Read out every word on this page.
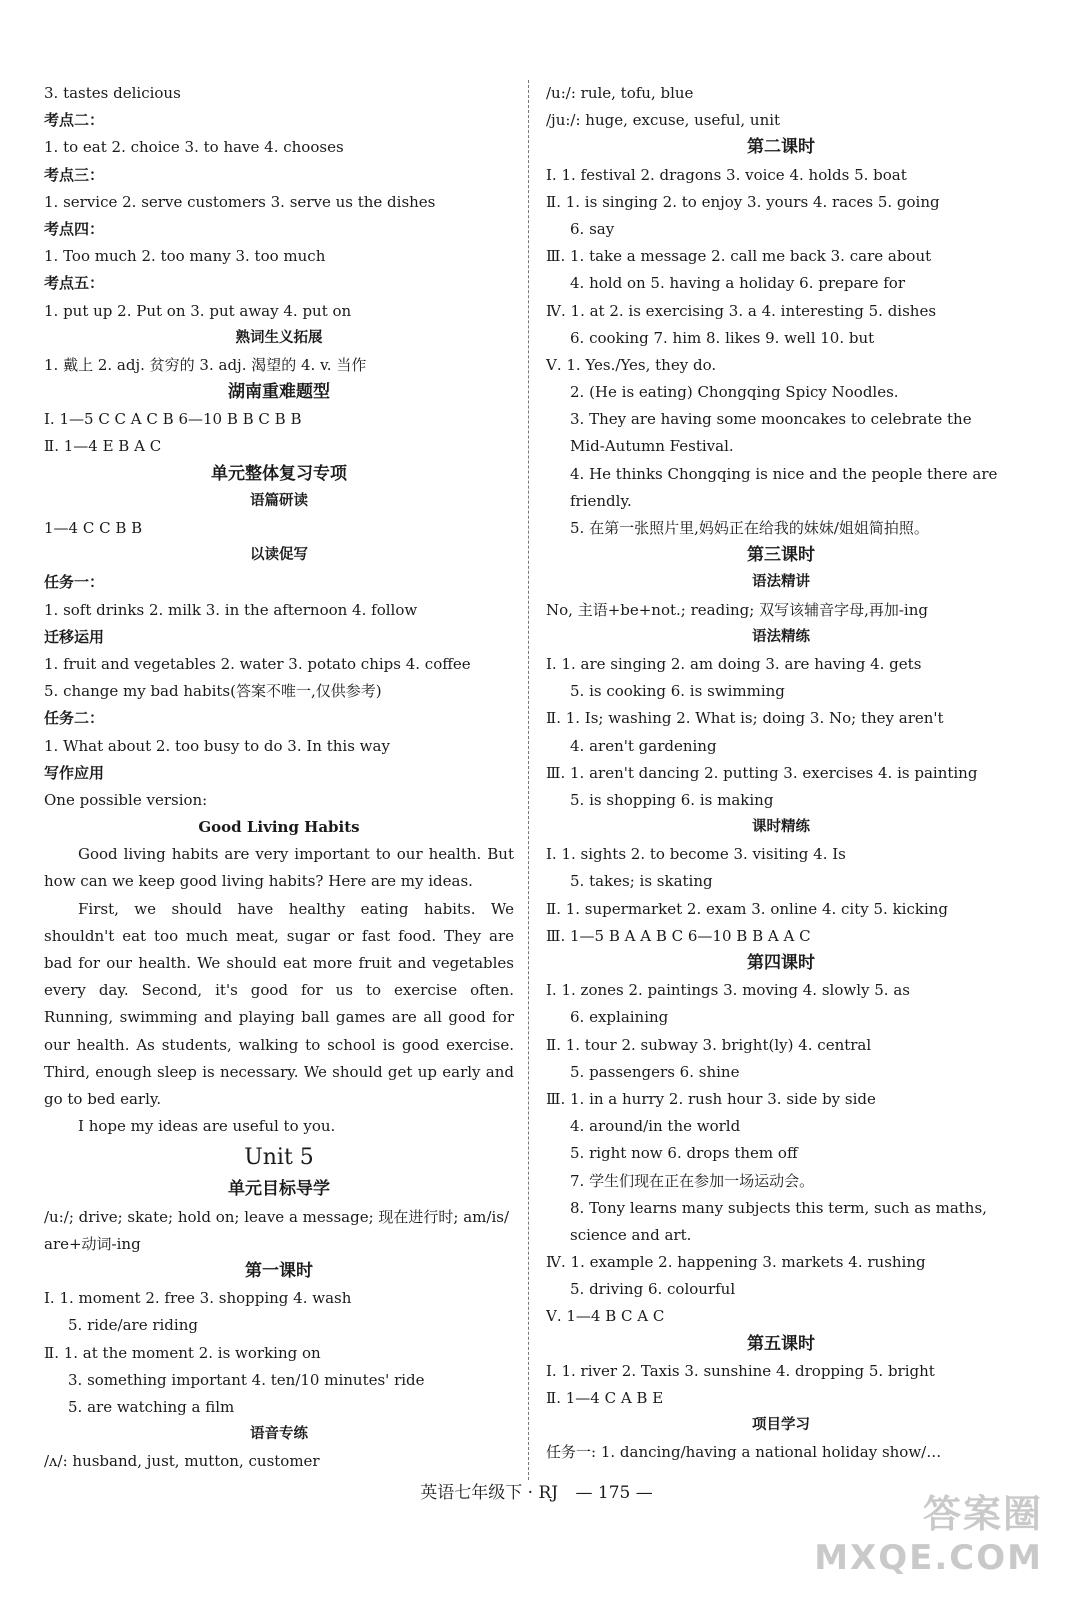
3. tastes delicious
考点二：
1. to eat 2. choice 3. to have 4. chooses
考点三：
1. service 2. serve customers 3. serve us the dishes
考点四：
1. Too much 2. too many 3. too much
考点五：
1. put up 2. Put on 3. put away 4. put on
熟词生义拓展
1. 戴上 2. adj. 贫穷的 3. adj. 渴望的 4. v. 当作
湖南重难题型
Ⅰ. 1—5 C C A C B 6—10 B B C B B
Ⅱ. 1—4 E B A C
单元整体复习专项
语篇研读
1—4 C C B B
以读促写
任务一：
1. soft drinks 2. milk 3. in the afternoon 4. follow
迁移运用
1. fruit and vegetables 2. water 3. potato chips 4. coffee
5. change my bad habits(答案不唯一,仅供参考)
任务二：
1. What about 2. too busy to do 3. In this way
写作应用
One possible version:
Good Living Habits
Good living habits are very important to our health. But how can we keep good living habits? Here are my ideas.
First, we should have healthy eating habits. We shouldn't eat too much meat, sugar or fast food. They are bad for our health. We should eat more fruit and vegetables every day. Second, it's good for us to exercise often. Running, swimming and playing ball games are all good for our health. As students, walking to school is good exercise. Third, enough sleep is necessary. We should get up early and go to bed early.
I hope my ideas are useful to you.
Unit 5
单元目标导学
/u:/; drive; skate; hold on; leave a message; 现在进行时; am/is/
are+动词-ing
第一课时
Ⅰ. 1. moment 2. free 3. shopping 4. wash
5. ride/are riding
Ⅱ. 1. at the moment 2. is working on
3. something important 4. ten/10 minutes' ride
5. are watching a film
语音专练
/ʌ/: husband, just, mutton, customer
/u:/: rule, tofu, blue
/ju:/: huge, excuse, useful, unit
第二课时
Ⅰ. 1. festival 2. dragons 3. voice 4. holds 5. boat
Ⅱ. 1. is singing 2. to enjoy 3. yours 4. races 5. going
6. say
Ⅲ. 1. take a message 2. call me back 3. care about
4. hold on 5. having a holiday 6. prepare for
Ⅳ. 1. at 2. is exercising 3. a 4. interesting 5. dishes
6. cooking 7. him 8. likes 9. well 10. but
Ⅴ. 1. Yes./Yes, they do.
2. (He is eating) Chongqing Spicy Noodles.
3. They are having some mooncakes to celebrate the
Mid-Autumn Festival.
4. He thinks Chongqing is nice and the people there are
friendly.
5. 在第一张照片里,妈妈正在给我的妹妹/姐姐简拍照。
第三课时
语法精讲
No, 主语+be+not.; reading; 双写该辅音字母,再加-ing
语法精练
Ⅰ. 1. are singing 2. am doing 3. are having 4. gets
5. is cooking 6. is swimming
Ⅱ. 1. Is; washing 2. What is; doing 3. No; they aren't
4. aren't gardening
Ⅲ. 1. aren't dancing 2. putting 3. exercises 4. is painting
5. is shopping 6. is making
课时精练
Ⅰ. 1. sights 2. to become 3. visiting 4. Is
5. takes; is skating
Ⅱ. 1. supermarket 2. exam 3. online 4. city 5. kicking
Ⅲ. 1—5 B A A B C 6—10 B B A A C
第四课时
Ⅰ. 1. zones 2. paintings 3. moving 4. slowly 5. as
6. explaining
Ⅱ. 1. tour 2. subway 3. bright(ly) 4. central
5. passengers 6. shine
Ⅲ. 1. in a hurry 2. rush hour 3. side by side
4. around/in the world
5. right now 6. drops them off
7. 学生们现在正在参加一场运动会。
8. Tony learns many subjects this term, such as maths,
science and art.
Ⅳ. 1. example 2. happening 3. markets 4. rushing
5. driving 6. colourful
Ⅴ. 1—4 B C A C
第五课时
Ⅰ. 1. river 2. Taxis 3. sunshine 4. dropping 5. bright
Ⅱ. 1—4 C A B E
项目学习
任务一: 1. dancing/having a national holiday show/…
英语七年级下 · RJ — 175 —	答案圈
MXQE.COM
